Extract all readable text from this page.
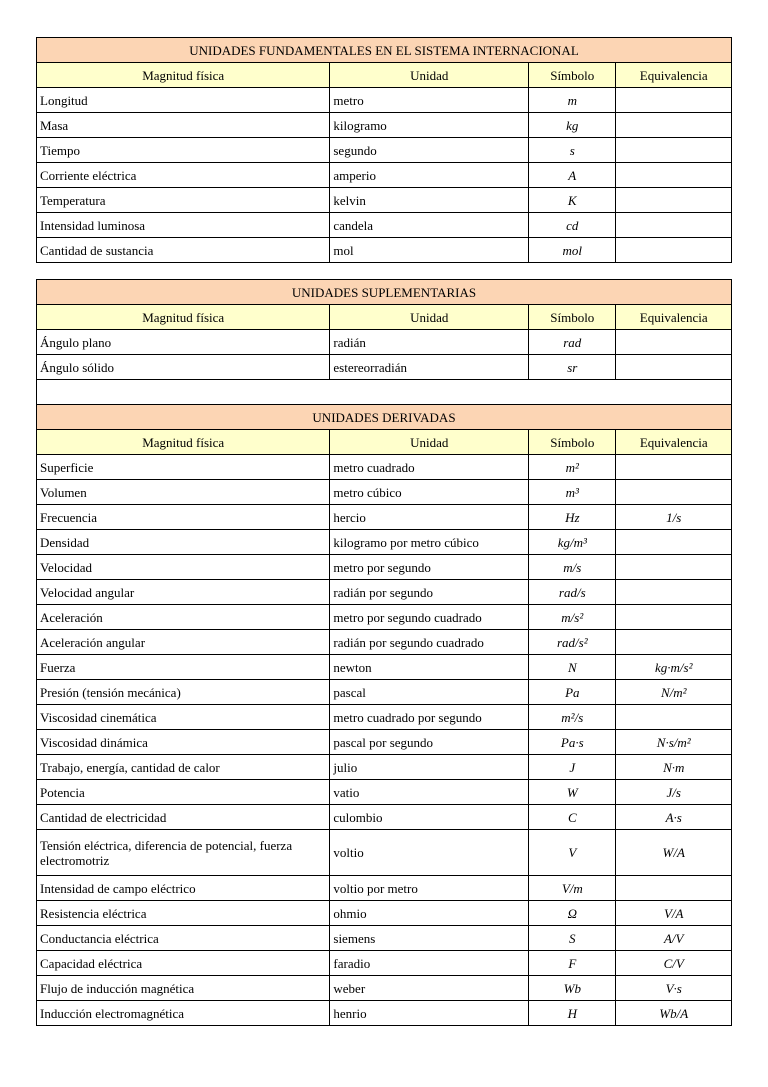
UNIDADES FUNDAMENTALES EN EL SISTEMA INTERNACIONAL			
Magnitud física	Unidad	Símbolo	Equivalencia
Longitud	metro	m	
Masa	kilogramo	kg	
Tiempo	segundo	s	
Corriente eléctrica	amperio	A	
Temperatura	kelvin	K	
Intensidad luminosa	candela	cd	
Cantidad de sustancia	mol	mol	
UNIDADES SUPLEMENTARIAS			
Magnitud física	Unidad	Símbolo	Equivalencia
Ángulo plano	radián	rad	
Ángulo sólido	estereorradián	sr	

UNIDADES DERIVADAS			
Magnitud física	Unidad	Símbolo	Equivalencia
Superficie	metro cuadrado	m²	
Volumen	metro cúbico	m³	
Frecuencia	hercio	Hz	1/s
Densidad	kilogramo por metro cúbico	kg/m³	
Velocidad	metro por segundo	m/s	
Velocidad angular	radián por segundo	rad/s	
Aceleración	metro por segundo cuadrado	m/s²	
Aceleración angular	radián por segundo cuadrado	rad/s²	
Fuerza	newton	N	kg·m/s²
Presión (tensión mecánica)	pascal	Pa	N/m²
Viscosidad cinemática	metro cuadrado por segundo	m²/s	
Viscosidad dinámica	pascal por segundo	Pa·s	N·s/m²
Trabajo, energía, cantidad de calor	julio	J	N·m
Potencia	vatio	W	J/s
Cantidad de electricidad	culombio	C	A·s
Tensión eléctrica, diferencia de potencial, fuerza electromotriz	voltio	V	W/A
Intensidad de campo eléctrico	voltio por metro	V/m	
Resistencia eléctrica	ohmio	Ω	V/A
Conductancia eléctrica	siemens	S	A/V
Capacidad eléctrica	faradio	F	C/V
Flujo de inducción magnética	weber	Wb	V·s
Inducción electromagnética	henrio	H	Wb/A
